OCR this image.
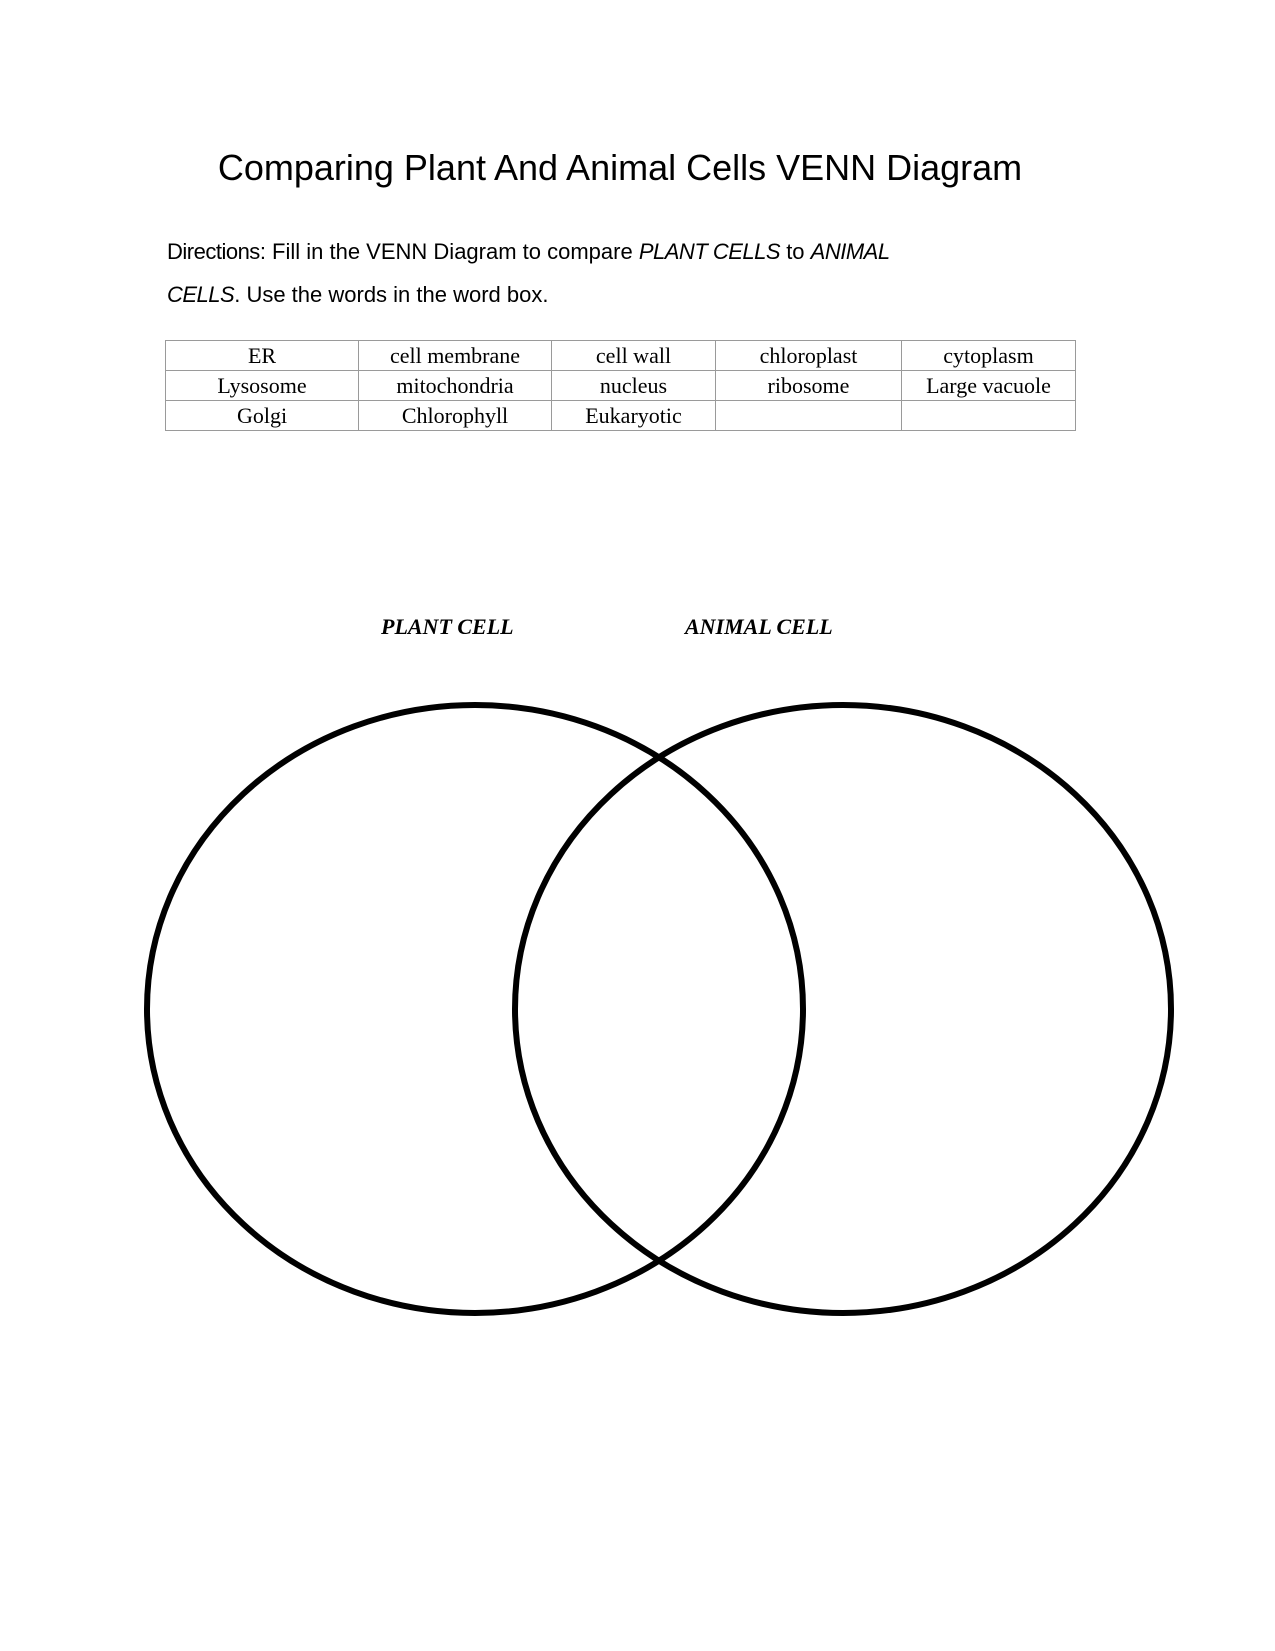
Comparing Plant And Animal Cells VENN Diagram

Directions: Fill in the VENN Diagram to compare PLANT CELLS to ANIMAL
CELLS. Use the words in the word box.

ER	cell membrane	cell wall	chloroplast	cytoplasm
Lysosome	mitochondria	nucleus	ribosome	Large vacuole
Golgi	Chlorophyll	Eukaryotic		

PLANT CELL	ANIMAL CELL
